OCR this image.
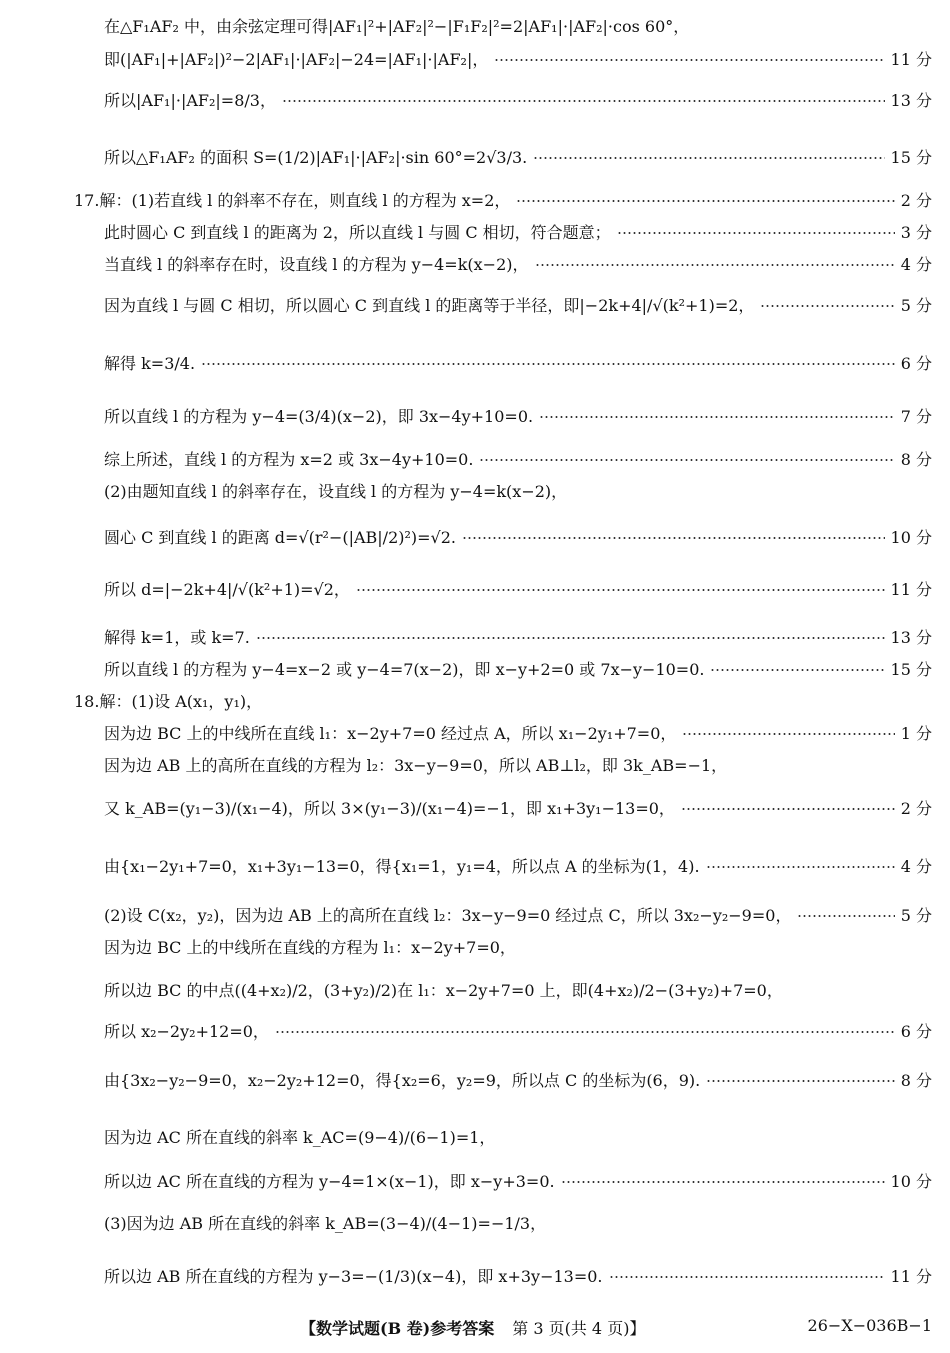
在△F₁AF₂ 中，由余弦定理可得|AF₁|²+|AF₂|²−|F₁F₂|²=2|AF₁|·|AF₂|·cos 60°，
即(|AF₁|+|AF₂|)²−2|AF₁|·|AF₂|−24=|AF₁|·|AF₂|，	11 分
所以|AF₁|·|AF₂|=8/3，	13 分
所以△F₁AF₂ 的面积 S=(1/2)|AF₁|·|AF₂|·sin 60°=2√3/3.	15 分
17.解：(1)若直线 l 的斜率不存在，则直线 l 的方程为 x=2，	2 分
此时圆心 C 到直线 l 的距离为 2，所以直线 l 与圆 C 相切，符合题意；	3 分
当直线 l 的斜率存在时，设直线 l 的方程为 y−4=k(x−2)，	4 分
因为直线 l 与圆 C 相切，所以圆心 C 到直线 l 的距离等于半径，即|−2k+4|/√(k²+1)=2，	5 分
解得 k=3/4.	6 分
所以直线 l 的方程为 y−4=(3/4)(x−2)，即 3x−4y+10=0.	7 分
综上所述，直线 l 的方程为 x=2 或 3x−4y+10=0.	8 分
(2)由题知直线 l 的斜率存在，设直线 l 的方程为 y−4=k(x−2)，
圆心 C 到直线 l 的距离 d=√(r²−(|AB|/2)²)=√2.	10 分
所以 d=|−2k+4|/√(k²+1)=√2，	11 分
解得 k=1，或 k=7.	13 分
所以直线 l 的方程为 y−4=x−2 或 y−4=7(x−2)，即 x−y+2=0 或 7x−y−10=0.	15 分
18.解：(1)设 A(x₁，y₁)，
因为边 BC 上的中线所在直线 l₁：x−2y+7=0 经过点 A，所以 x₁−2y₁+7=0，	1 分
因为边 AB 上的高所在直线的方程为 l₂：3x−y−9=0，所以 AB⊥l₂，即 3k_AB=−1，
又 k_AB=(y₁−3)/(x₁−4)，所以 3×(y₁−3)/(x₁−4)=−1，即 x₁+3y₁−13=0，	2 分
由{x₁−2y₁+7=0，x₁+3y₁−13=0，得{x₁=1，y₁=4，所以点 A 的坐标为(1，4).	4 分
(2)设 C(x₂，y₂)，因为边 AB 上的高所在直线 l₂：3x−y−9=0 经过点 C，所以 3x₂−y₂−9=0，	5 分
因为边 BC 上的中线所在直线的方程为 l₁：x−2y+7=0，
所以边 BC 的中点((4+x₂)/2，(3+y₂)/2)在 l₁：x−2y+7=0 上，即(4+x₂)/2−(3+y₂)+7=0，
所以 x₂−2y₂+12=0，	6 分
由{3x₂−y₂−9=0，x₂−2y₂+12=0，得{x₂=6，y₂=9，所以点 C 的坐标为(6，9).	8 分
因为边 AC 所在直线的斜率 k_AC=(9−4)/(6−1)=1，
所以边 AC 所在直线的方程为 y−4=1×(x−1)，即 x−y+3=0.	10 分
(3)因为边 AB 所在直线的斜率 k_AB=(3−4)/(4−1)=−1/3，
所以边 AB 所在直线的方程为 y−3=−(1/3)(x−4)，即 x+3y−13=0.	11 分
【数学试题(B 卷)参考答案 第 3 页(共 4 页)】	26−X−036B−1
